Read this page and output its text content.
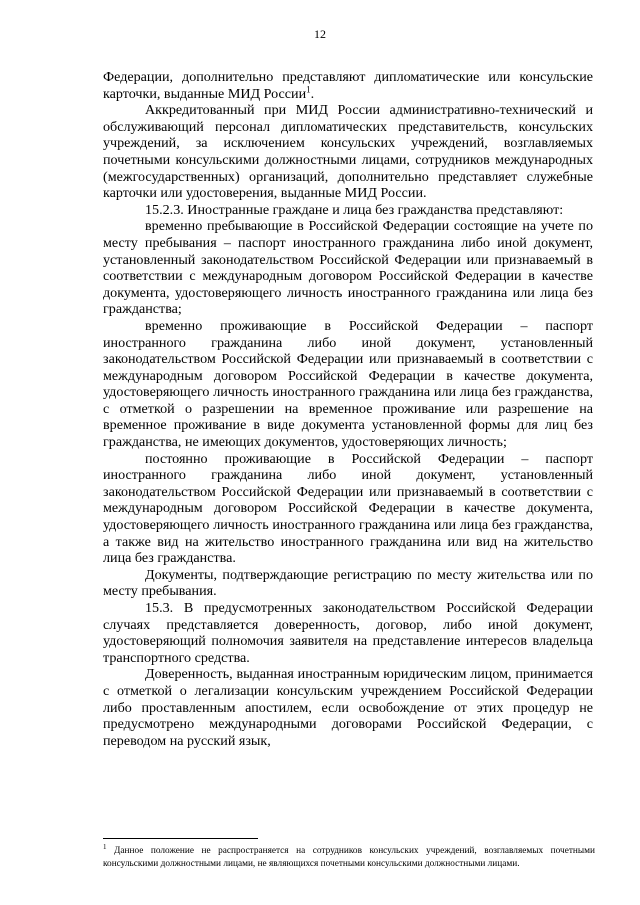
12

Федерации, дополнительно представляют дипломатические или консульские карточки, выданные МИД России$^1$.

Аккредитованный при МИД России административно-технический и обслуживающий персонал дипломатических представительств, консульских учреждений, за исключением консульских учреждений, возглавляемых почетными консульскими должностными лицами, сотрудников международных (межгосударственных) организаций, дополнительно представляет служебные карточки или удостоверения, выданные МИД России.

15.2.3. Иностранные граждане и лица без гражданства представляют:

временно пребывающие в Российской Федерации состоящие на учете по месту пребывания – паспорт иностранного гражданина либо иной документ, установленный законодательством Российской Федерации или признаваемый в соответствии с международным договором Российской Федерации в качестве документа, удостоверяющего личность иностранного гражданина или лица без гражданства;

временно проживающие в Российской Федерации – паспорт иностранного гражданина либо иной документ, установленный законодательством Российской Федерации или признаваемый в соответствии с международным договором Российской Федерации в качестве документа, удостоверяющего личность иностранного гражданина или лица без гражданства, с отметкой о разрешении на временное проживание или разрешение на временное проживание в виде документа установленной формы для лиц без гражданства, не имеющих документов, удостоверяющих личность;

постоянно проживающие в Российской Федерации – паспорт иностранного гражданина либо иной документ, установленный законодательством Российской Федерации или признаваемый в соответствии с международным договором Российской Федерации в качестве документа, удостоверяющего личность иностранного гражданина или лица без гражданства, а также вид на жительство иностранного гражданина или вид на жительство лица без гражданства.

Документы, подтверждающие регистрацию по месту жительства или по месту пребывания.

15.3. В предусмотренных законодательством Российской Федерации случаях представляется доверенность, договор, либо иной документ, удостоверяющий полномочия заявителя на представление интересов владельца транспортного средства.

Доверенность, выданная иностранным юридическим лицом, принимается с отметкой о легализации консульским учреждением Российской Федерации либо проставленным апостилем, если освобождение от этих процедур не предусмотрено международными договорами Российской Федерации, с переводом на русский язык,

$^1$ Данное положение не распространяется на сотрудников консульских учреждений, возглавляемых почетными консульскими должностными лицами, не являющихся почетными консульскими должностными лицами.
